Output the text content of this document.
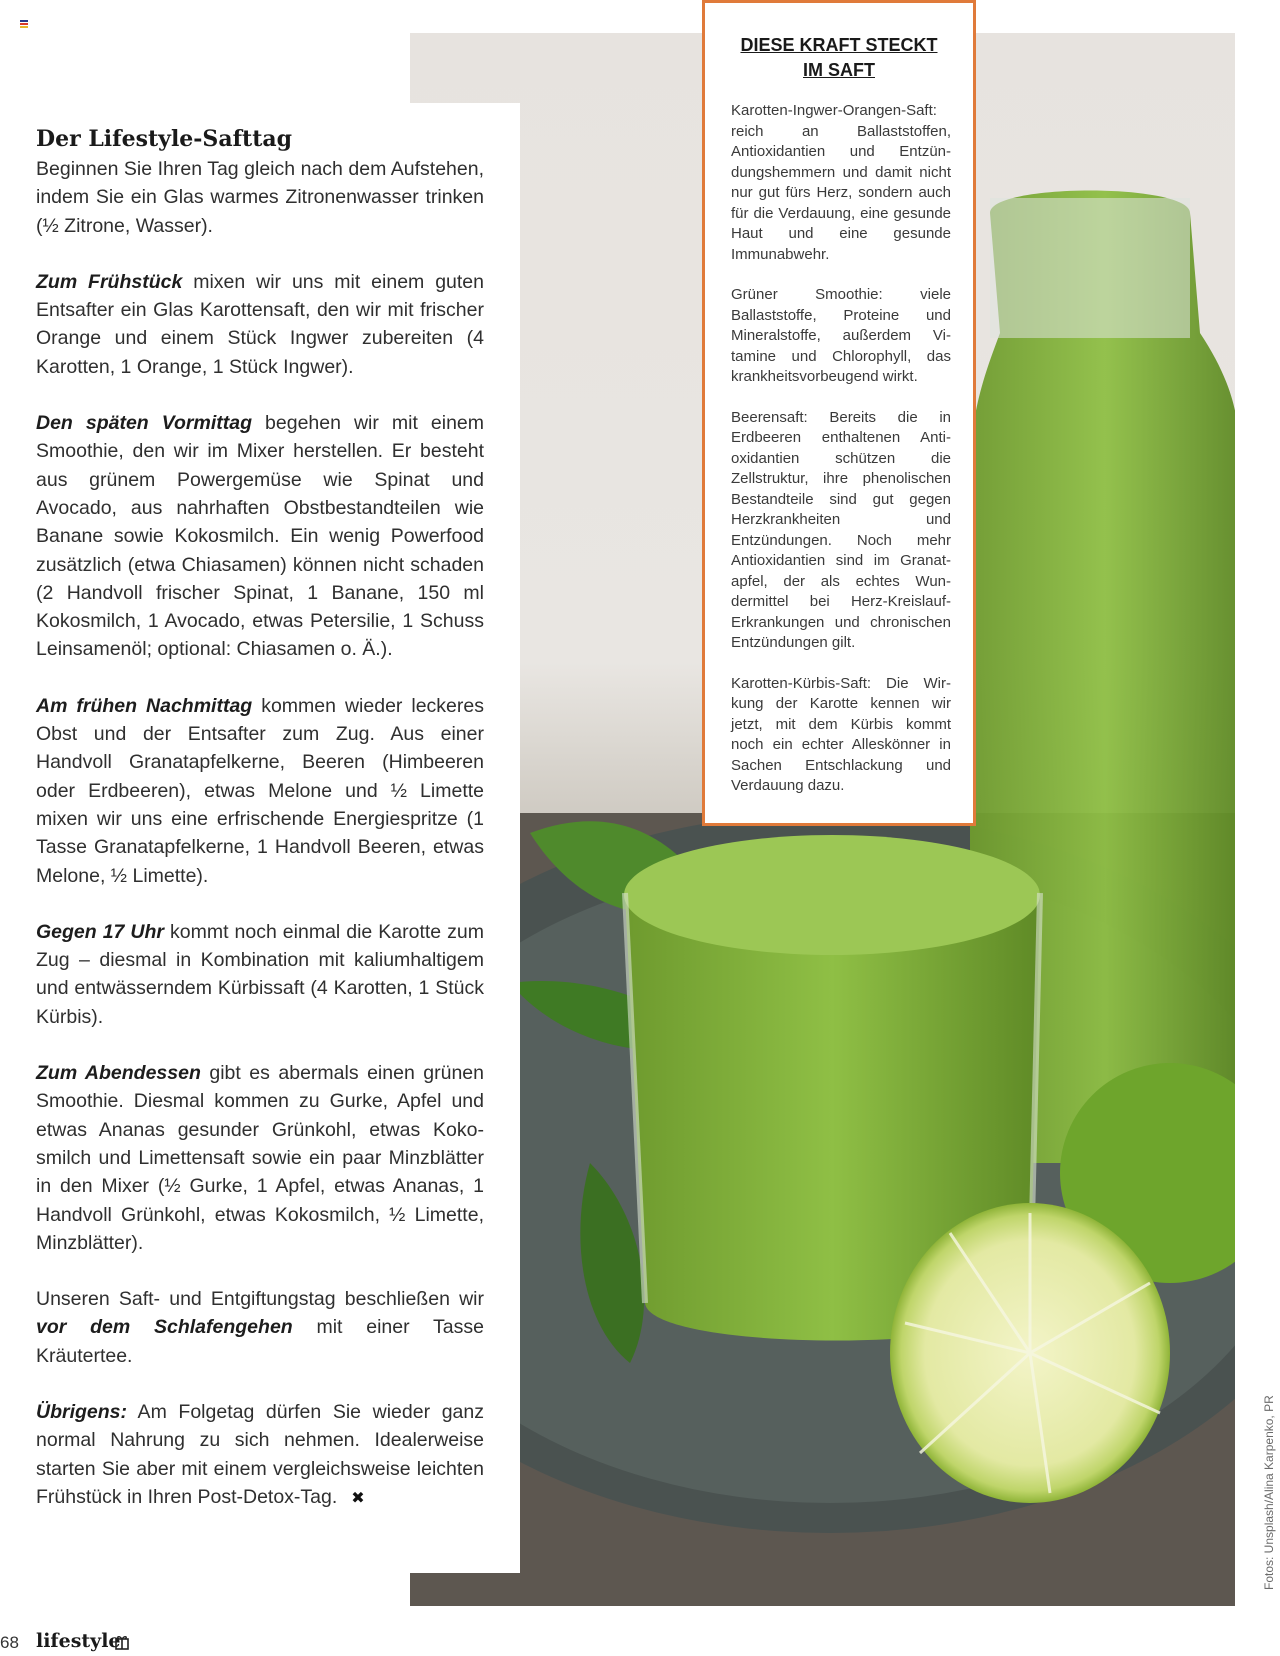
Der Lifestyle-Safttag

Beginnen Sie Ihren Tag gleich nach dem Aufstehen, indem Sie ein Glas warmes Zitronenwasser trinken (½ Zitrone, Wasser).

Zum Frühstück mixen wir uns mit einem guten Entsafter ein Glas Karottensaft, den wir mit frischer Orange und einem Stück Ingwer zubereiten (4 Karotten, 1 Orange, 1 Stück Ingwer).

Den späten Vormittag begehen wir mit einem Smoothie, den wir im Mixer herstellen. Er besteht aus grünem Powergemüse wie Spinat und Avocado, aus nahrhaften Obstbestandteilen wie Banane sowie Kokosmilch. Ein wenig Powerfood zusätzlich (etwa Chiasamen) können nicht schaden (2 Handvoll frischer Spinat, 1 Banane, 150 ml Kokosmilch, 1 Avocado, etwas Petersilie, 1 Schuss Leinsamenöl; optional: Chiasamen o. Ä.).

Am frühen Nachmittag kommen wieder leckeres Obst und der Entsafter zum Zug. Aus einer Handvoll Granatapfelkerne, Beeren (Himbeeren oder Erdbeeren), etwas Melone und ½ Limette mixen wir uns eine erfrischende Energiespritze (1 Tasse Granatapfelkerne, 1 Handvoll Beeren, etwas Melone, ½ Limette).

Gegen 17 Uhr kommt noch einmal die Karotte zum Zug – diesmal in Kombination mit kaliumhaltigem und entwässerndem Kürbissaft (4 Karotten, 1 Stück Kürbis).

Zum Abendessen gibt es abermals einen grünen Smoothie. Diesmal kommen zu Gurke, Apfel und etwas Ananas gesunder Grünkohl, etwas Kokosmilch und Limettensaft sowie ein paar Minzblätter in den Mixer (½ Gurke, 1 Apfel, etwas Ananas, 1 Handvoll Grünkohl, etwas Kokosmilch, ½ Limette, Minzblätter).

Unseren Saft- und Entgiftungstag beschließen wir vor dem Schlafengehen mit einer Tasse Kräutertee.

Übrigens: Am Folgetag dürfen Sie wieder ganz normal Nahrung zu sich nehmen. Idealerweise starten Sie aber mit einem vergleichsweise leichten Frühstück in Ihren Post-Detox-Tag. ✖

DIESE KRAFT STECKT
IM SAFT

Karotten-Ingwer-Orangen-Saft: reich an Ballaststoffen, Antioxidantien und Entzündungshemmern und damit nicht nur gut fürs Herz, sondern auch für die Verdauung, eine gesunde Haut und eine gesunde Immunabwehr.

Grüner Smoothie: viele Ballaststoffe, Proteine und Mineralstoffe, außerdem Vitamine und Chlorophyll, das krankheitsvorbeugend wirkt.

Beerensaft: Bereits die in Erdbeeren enthaltenen Antioxidantien schützen die Zellstruktur, ihre phenolischen Bestandteile sind gut gegen Herzkrankheiten und Entzündungen. Noch mehr Antioxidantien sind im Granatapfel, der als echtes Wundermittel bei Herz-Kreislauf-Erkrankungen und chronischen Entzündungen gilt.

Karotten-Kürbis-Saft: Die Wirkung der Karotte kennen wir jetzt, mit dem Kürbis kommt noch ein echter Alleskönner in Sachen Entschlackung und Verdauung dazu.

68 lifestyle
Fotos: Unsplash/Alina Karpenko, PR
